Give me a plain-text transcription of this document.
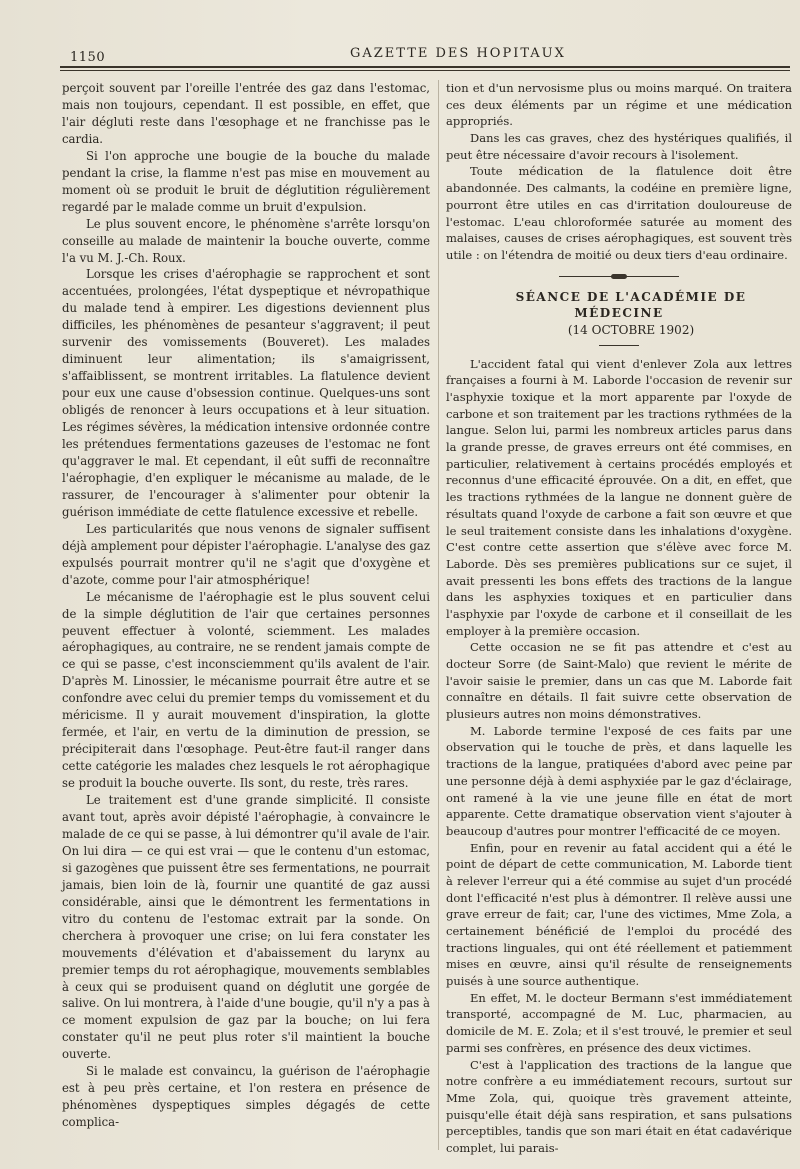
1150	GAZETTE DES HOPITAUX

perçoit souvent par l'oreille l'entrée des gaz dans l'estomac, mais non toujours, cependant. Il est possible, en effet, que l'air dégluti reste dans l'œsophage et ne franchisse pas le cardia.

Si l'on approche une bougie de la bouche du malade pendant la crise, la flamme n'est pas mise en mouvement au moment où se produit le bruit de déglutition régulièrement regardé par le malade comme un bruit d'expulsion.

Le plus souvent encore, le phénomène s'arrête lorsqu'on conseille au malade de maintenir la bouche ouverte, comme l'a vu M. J.-Ch. Roux.

Lorsque les crises d'aérophagie se rapprochent et sont accentuées, prolongées, l'état dyspeptique et névropathique du malade tend à empirer. Les digestions deviennent plus difficiles, les phénomènes de pesanteur s'aggravent; il peut survenir des vomissements (Bouveret). Les malades diminuent leur alimentation; ils s'amaigrissent, s'affaiblissent, se montrent irritables. La flatulence devient pour eux une cause d'obsession continue. Quelques-uns sont obligés de renoncer à leurs occupations et à leur situation. Les régimes sévères, la médication intensive ordonnée contre les prétendues fermentations gazeuses de l'estomac ne font qu'aggraver le mal. Et cependant, il eût suffi de reconnaître l'aérophagie, d'en expliquer le mécanisme au malade, de le rassurer, de l'encourager à s'alimenter pour obtenir la guérison immédiate de cette flatulence excessive et rebelle.

Les particularités que nous venons de signaler suffisent déjà amplement pour dépister l'aérophagie. L'analyse des gaz expulsés pourrait montrer qu'il ne s'agit que d'oxygène et d'azote, comme pour l'air atmosphérique!

Le mécanisme de l'aérophagie est le plus souvent celui de la simple déglutition de l'air que certaines personnes peuvent effectuer à volonté, sciemment. Les malades aérophagiques, au contraire, ne se rendent jamais compte de ce qui se passe, c'est inconsciemment qu'ils avalent de l'air. D'après M. Linossier, le mécanisme pourrait être autre et se confondre avec celui du premier temps du vomissement et du méricisme. Il y aurait mouvement d'inspiration, la glotte fermée, et l'air, en vertu de la diminution de pression, se précipiterait dans l'œsophage. Peut-être faut-il ranger dans cette catégorie les malades chez lesquels le rot aérophagique se produit la bouche ouverte. Ils sont, du reste, très rares.

Le traitement est d'une grande simplicité. Il consiste avant tout, après avoir dépisté l'aérophagie, à convaincre le malade de ce qui se passe, à lui démontrer qu'il avale de l'air. On lui dira — ce qui est vrai — que le contenu d'un estomac, si gazogènes que puissent être ses fermentations, ne pourrait jamais, bien loin de là, fournir une quantité de gaz aussi considérable, ainsi que le démontrent les fermentations in vitro du contenu de l'estomac extrait par la sonde. On cherchera à provoquer une crise; on lui fera constater les mouvements d'élévation et d'abaissement du larynx au premier temps du rot aérophagique, mouvements semblables à ceux qui se produisent quand on déglutit une gorgée de salive. On lui montrera, à l'aide d'une bougie, qu'il n'y a pas à ce moment expulsion de gaz par la bouche; on lui fera constater qu'il ne peut plus roter s'il maintient la bouche ouverte.

Si le malade est convaincu, la guérison de l'aérophagie est à peu près certaine, et l'on restera en présence de phénomènes dyspeptiques simples dégagés de cette complica-

tion et d'un nervosisme plus ou moins marqué. On traitera ces deux éléments par un régime et une médication appropriés.

Dans les cas graves, chez des hystériques qualifiés, il peut être nécessaire d'avoir recours à l'isolement.

Toute médication de la flatulence doit être abandonnée. Des calmants, la codéine en première ligne, pourront être utiles en cas d'irritation douloureuse de l'estomac. L'eau chloroformée saturée au moment des malaises, causes de crises aérophagiques, est souvent très utile : on l'étendra de moitié ou deux tiers d'eau ordinaire.

SÉANCE DE L'ACADÉMIE DE MÉDECINE

(14 OCTOBRE 1902)

L'accident fatal qui vient d'enlever Zola aux lettres françaises a fourni à M. Laborde l'occasion de revenir sur l'asphyxie toxique et la mort apparente par l'oxyde de carbone et son traitement par les tractions rythmées de la langue. Selon lui, parmi les nombreux articles parus dans la grande presse, de graves erreurs ont été commises, en particulier, relativement à certains procédés employés et reconnus d'une efficacité éprouvée. On a dit, en effet, que les tractions rythmées de la langue ne donnent guère de résultats quand l'oxyde de carbone a fait son œuvre et que le seul traitement consiste dans les inhalations d'oxygène. C'est contre cette assertion que s'élève avec force M. Laborde. Dès ses premières publications sur ce sujet, il avait pressenti les bons effets des tractions de la langue dans les asphyxies toxiques et en particulier dans l'asphyxie par l'oxyde de carbone et il conseillait de les employer à la première occasion.

Cette occasion ne se fit pas attendre et c'est au docteur Sorre (de Saint-Malo) que revient le mérite de l'avoir saisie le premier, dans un cas que M. Laborde fait connaître en détails. Il fait suivre cette observation de plusieurs autres non moins démonstratives.

M. Laborde termine l'exposé de ces faits par une observation qui le touche de près, et dans laquelle les tractions de la langue, pratiquées d'abord avec peine par une personne déjà à demi asphyxiée par le gaz d'éclairage, ont ramené à la vie une jeune fille en état de mort apparente. Cette dramatique observation vient s'ajouter à beaucoup d'autres pour montrer l'efficacité de ce moyen.

Enfin, pour en revenir au fatal accident qui a été le point de départ de cette communication, M. Laborde tient à relever l'erreur qui a été commise au sujet d'un procédé dont l'efficacité n'est plus à démontrer. Il relève aussi une grave erreur de fait; car, l'une des victimes, Mme Zola, a certainement bénéficié de l'emploi du procédé des tractions linguales, qui ont été réellement et patiemment mises en œuvre, ainsi qu'il résulte de renseignements puisés à une source authentique.

En effet, M. le docteur Bermann s'est immédiatement transporté, accompagné de M. Luc, pharmacien, au domicile de M. E. Zola; et il s'est trouvé, le premier et seul parmi ses confrères, en présence des deux victimes.

C'est à l'application des tractions de la langue que notre confrère a eu immédiatement recours, surtout sur Mme Zola, qui, quoique très gravement atteinte, puisqu'elle était déjà sans respiration, et sans pulsations perceptibles, tandis que son mari était en état cadavérique complet, lui parais-
